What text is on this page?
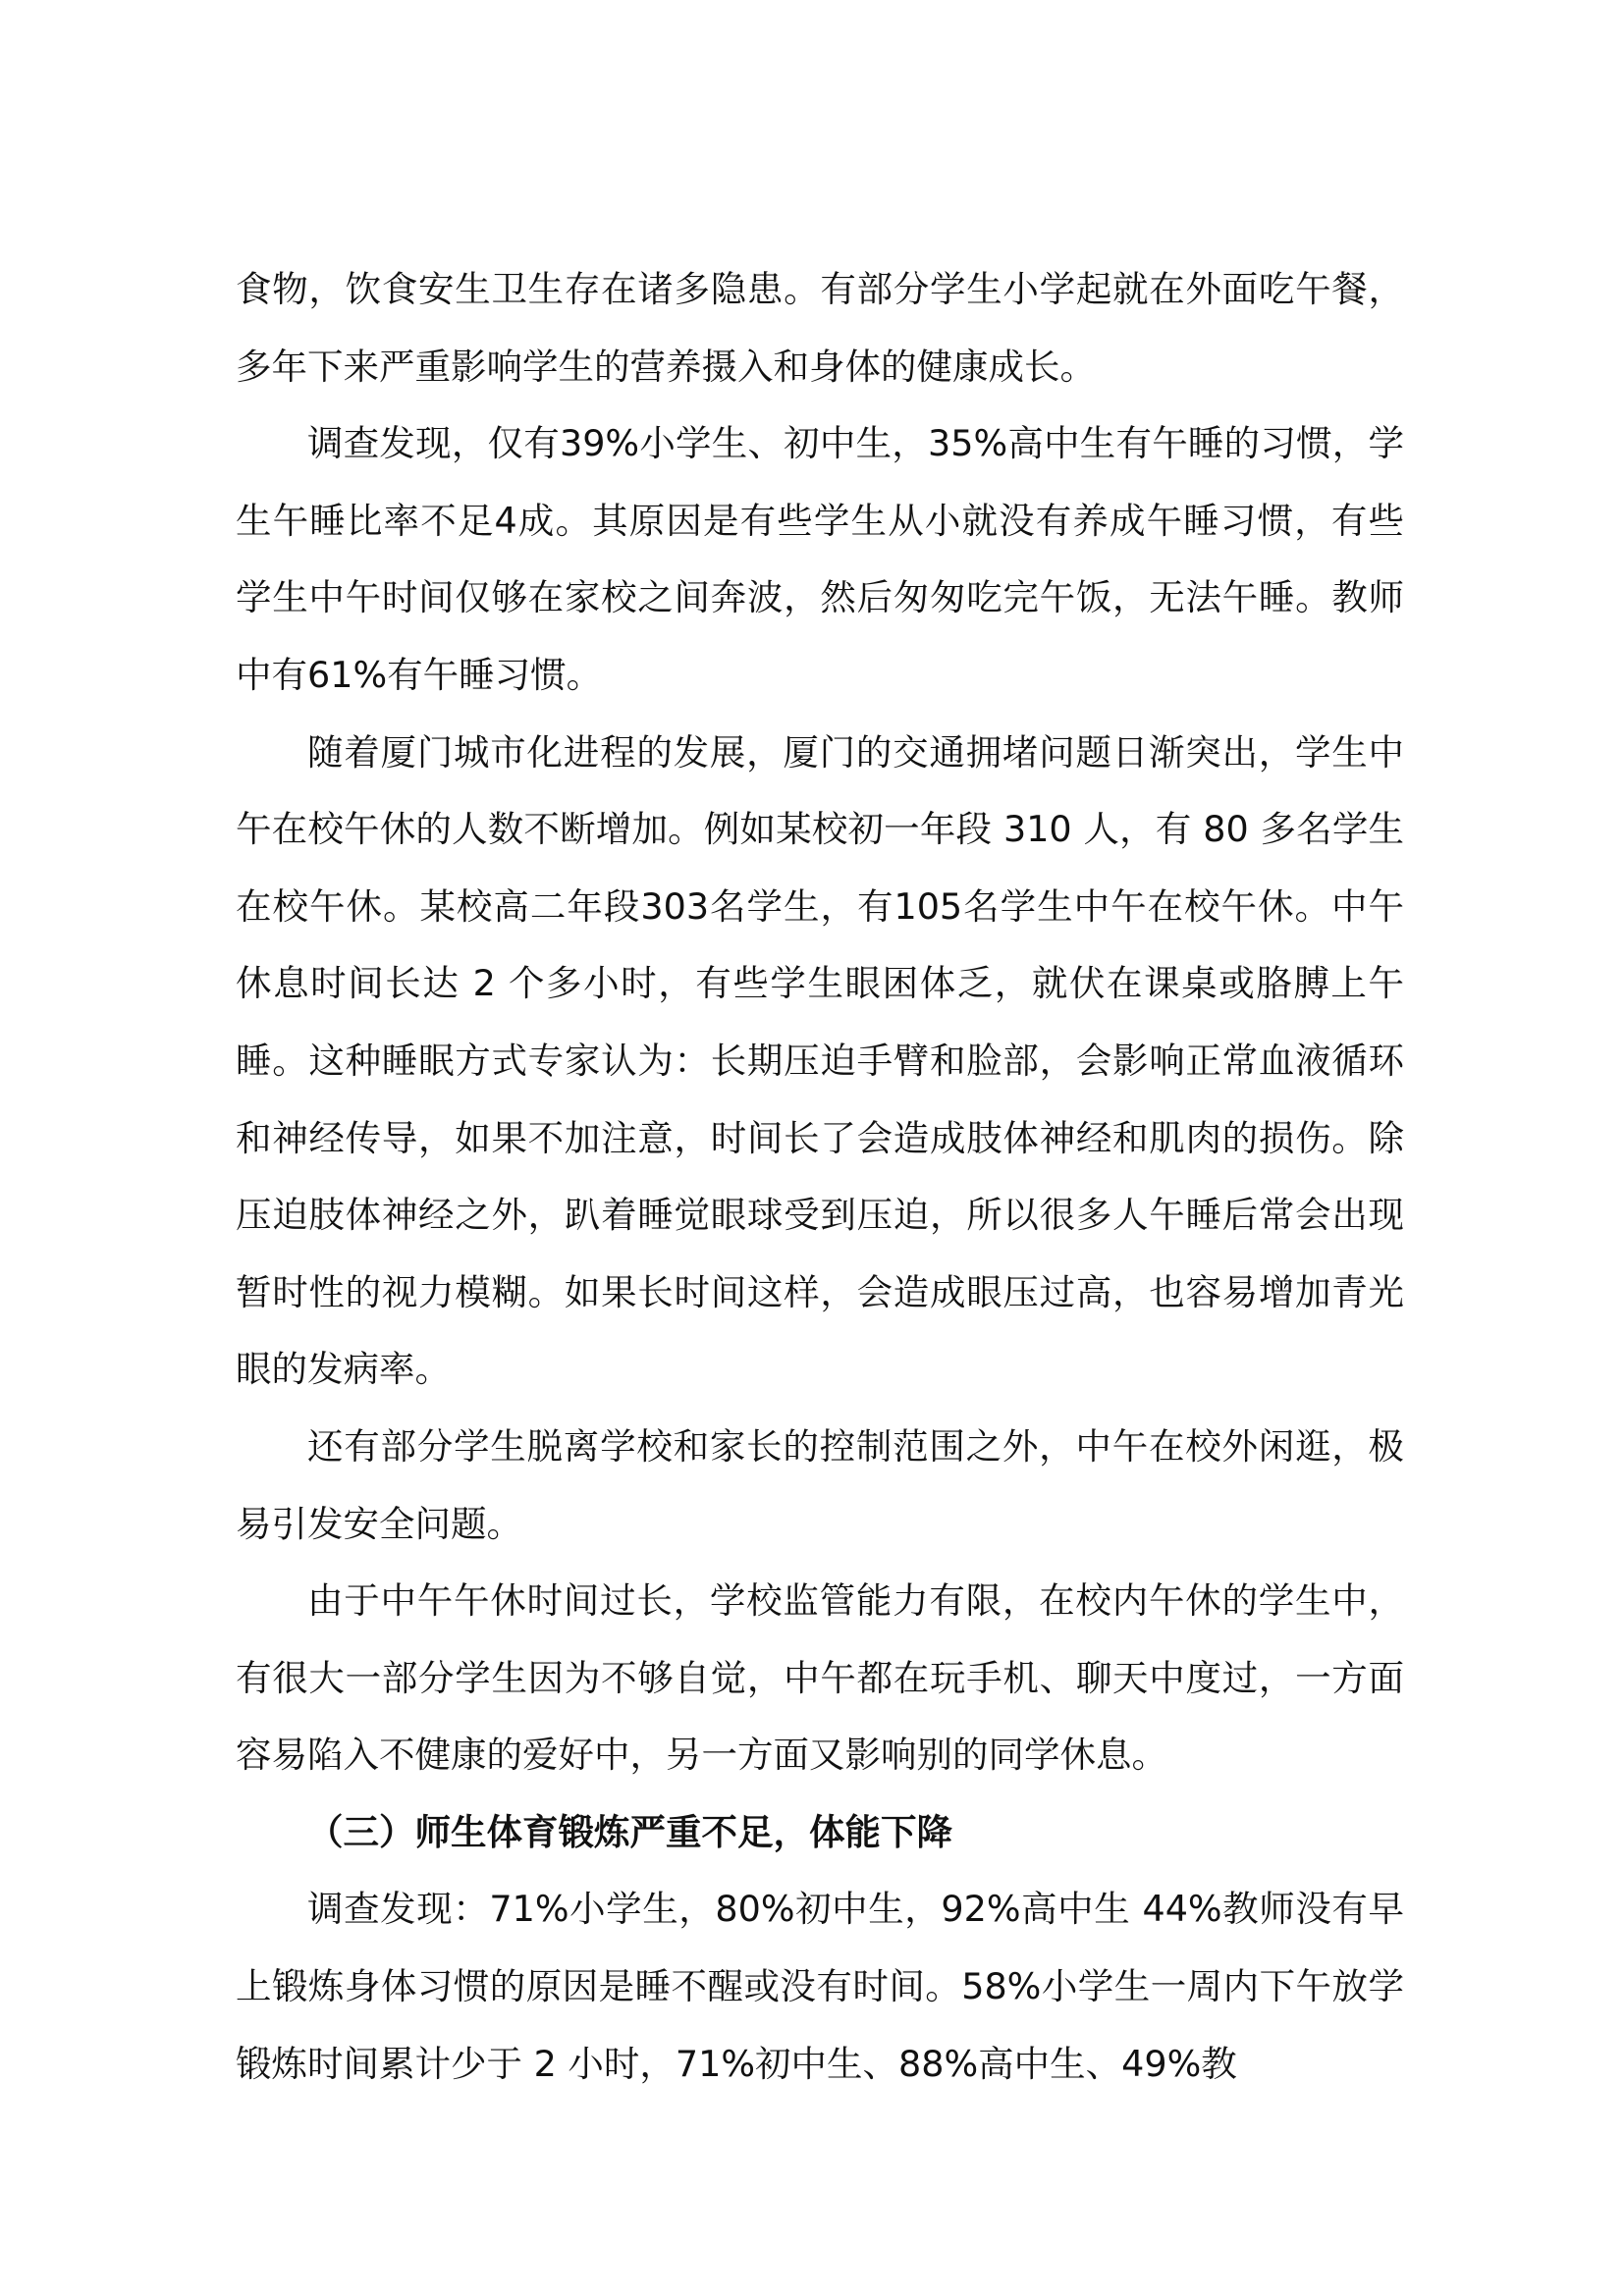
食物，饮食安生卫生存在诸多隐患。有部分学生小学起就在外面吃午餐，多年下来严重影响学生的营养摄入和身体的健康成长。

调查发现，仅有39%小学生、初中生，35%高中生有午睡的习惯，学生午睡比率不足4成。其原因是有些学生从小就没有养成午睡习惯，有些学生中午时间仅够在家校之间奔波，然后匆匆吃完午饭，无法午睡。教师中有61%有午睡习惯。

随着厦门城市化进程的发展，厦门的交通拥堵问题日渐突出，学生中午在校午休的人数不断增加。例如某校初一年段 310 人，有 80 多名学生在校午休。某校高二年段303名学生，有105名学生中午在校午休。中午休息时间长达 2 个多小时，有些学生眼困体乏，就伏在课桌或胳膊上午睡。这种睡眠方式专家认为：长期压迫手臂和脸部，会影响正常血液循环和神经传导，如果不加注意，时间长了会造成肢体神经和肌肉的损伤。除压迫肢体神经之外，趴着睡觉眼球受到压迫，所以很多人午睡后常会出现暂时性的视力模糊。如果长时间这样，会造成眼压过高，也容易增加青光眼的发病率。

还有部分学生脱离学校和家长的控制范围之外，中午在校外闲逛，极易引发安全问题。

由于中午午休时间过长，学校监管能力有限，在校内午休的学生中，有很大一部分学生因为不够自觉，中午都在玩手机、聊天中度过，一方面容易陷入不健康的爱好中，另一方面又影响别的同学休息。

（三）师生体育锻炼严重不足，体能下降

调查发现：71%小学生，80%初中生，92%高中生 44%教师没有早上锻炼身体习惯的原因是睡不醒或没有时间。58%小学生一周内下午放学锻炼时间累计少于 2 小时，71%初中生、88%高中生、49%教
